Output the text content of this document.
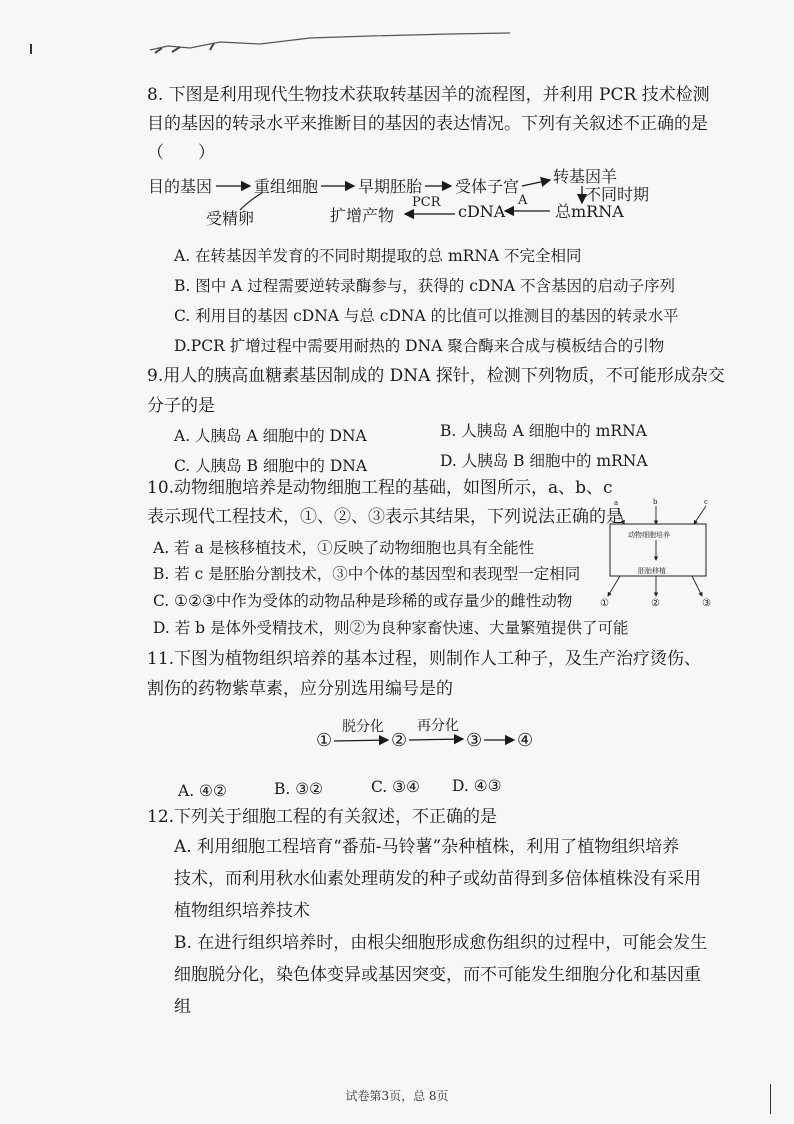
8. 下图是利用现代生物技术获取转基因羊的流程图，并利用 PCR 技术检测
目的基因的转录水平来推断目的基因的表达情况。下列有关叙述不正确的是
（　　）
目的基因	重组细胞 早期胚胎 受体子宫
转基因羊
受精卵
不同时期
总mRNA
cDNA
扩增产物
A
PCR
A. 在转基因羊发育的不同时期提取的总 mRNA 不完全相同
B. 图中 A 过程需要逆转录酶参与，获得的 cDNA 不含基因的启动子序列
C. 利用目的基因 cDNA 与总 cDNA 的比值可以推测目的基因的转录水平
D.PCR 扩增过程中需要用耐热的 DNA 聚合酶来合成与模板结合的引物
9.用人的胰高血糖素基因制成的 DNA 探针，检测下列物质，不可能形成杂交
分子的是
A. 人胰岛 A 细胞中的 DNA	B. 人胰岛 A 细胞中的 mRNA
C. 人胰岛 B 细胞中的 DNA	D. 人胰岛 B 细胞中的 mRNA
10.动物细胞培养是动物细胞工程的基础，如图所示，a、b、c
表示现代工程技术，①、②、③表示其结果，下列说法正确的是
A. 若 a 是核移植技术，①反映了动物细胞也具有全能性
B. 若 c 是胚胎分割技术，③中个体的基因型和表现型一定相同
C. ①②③中作为受体的动物品种是珍稀的或存量少的雌性动物
D. 若 b 是体外受精技术，则②为良种家畜快速、大量繁殖提供了可能
a	b	c
动物细胞培养
胚胎移植
①	②	③
11.下图为植物组织培养的基本过程，则制作人工种子，及生产治疗烫伤、
割伤的药物紫草素，应分别选用编号是的
①	②	③ ④
脱分化 再分化
A. ④②	B. ③②	C. ③④ D. ④③
12.下列关于细胞工程的有关叙述，不正确的是
A. 利用细胞工程培育“番茄-马铃薯”杂种植株，利用了植物组织培养
技术，而利用秋水仙素处理萌发的种子或幼苗得到多倍体植株没有采用
植物组织培养技术
B. 在进行组织培养时，由根尖细胞形成愈伤组织的过程中，可能会发生
细胞脱分化，染色体变异或基因突变，而不可能发生细胞分化和基因重
组
试卷第3页，总 8页
